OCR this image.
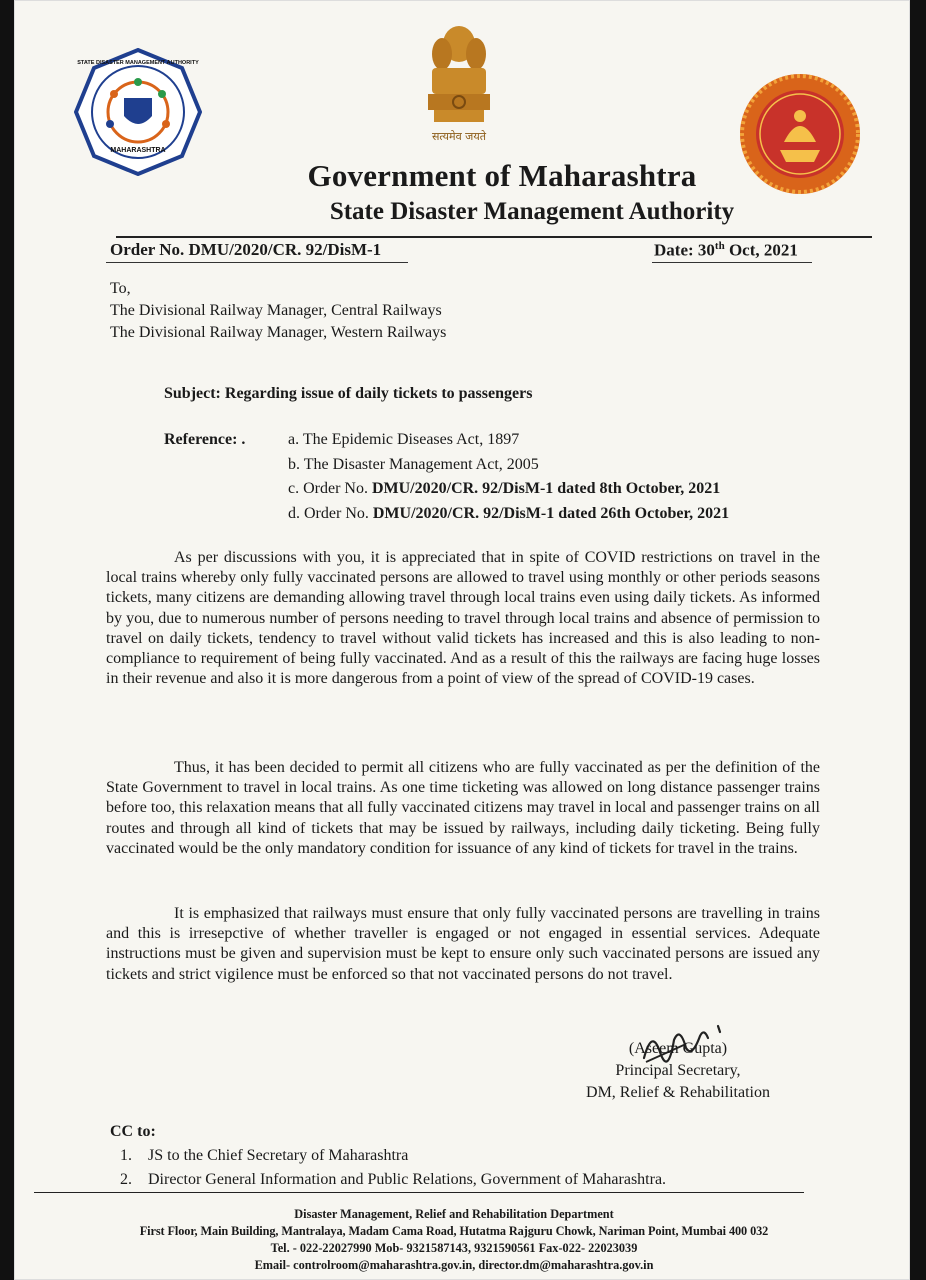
MAHARASHTRA
STATE DISASTER MANAGEMENT AUTHORITY
सत्यमेव जयते
Government of Maharashtra
State Disaster Management Authority
Order No. DMU/2020/CR. 92/DisM-1	Date: 30th Oct, 2021
To,
The Divisional Railway Manager, Central Railways
The Divisional Railway Manager, Western Railways
Subject: Regarding issue of daily tickets to passengers
Reference: .	a. The Epidemic Diseases Act, 1897
b. The Disaster Management Act, 2005
c. Order No. DMU/2020/CR. 92/DisM-1 dated 8th October, 2021
d. Order No. DMU/2020/CR. 92/DisM-1 dated 26th October, 2021

As per discussions with you, it is appreciated that in spite of COVID restrictions on travel in the local trains whereby only fully vaccinated persons are allowed to travel using monthly or other periods seasons tickets, many citizens are demanding allowing travel through local trains even using daily tickets. As informed by you, due to numerous number of persons needing to travel through local trains and absence of permission to travel on daily tickets, tendency to travel without valid tickets has increased and this is also leading to non-compliance to requirement of being fully vaccinated. And as a result of this the railways are facing huge losses in their revenue and also it is more dangerous from a point of view of the spread of COVID-19 cases.

Thus, it has been decided to permit all citizens who are fully vaccinated as per the definition of the State Government to travel in local trains. As one time ticketing was allowed on long distance passenger trains before too, this relaxation means that all fully vaccinated citizens may travel in local and passenger trains on all routes and through all kind of tickets that may be issued by railways, including daily ticketing. Being fully vaccinated would be the only mandatory condition for issuance of any kind of tickets for travel in the trains.

It is emphasized that railways must ensure that only fully vaccinated persons are travelling in trains and this is irresepctive of whether traveller is engaged or not engaged in essential services. Adequate instructions must be given and supervision must be kept to ensure only such vaccinated persons are issued any tickets and strict vigilence must be enforced so that not vaccinated persons do not travel.

(Aseem Gupta)
Principal Secretary,
DM, Relief & Rehabilitation
CC to:
1. JS to the Chief Secretary of Maharashtra
2. Director General Information and Public Relations, Government of Maharashtra.
Disaster Management, Relief and Rehabilitation Department
First Floor, Main Building, Mantralaya, Madam Cama Road, Hutatma Rajguru Chowk, Nariman Point, Mumbai 400 032
Tel. - 022-22027990 Mob- 9321587143, 9321590561 Fax-022- 22023039
Email- controlroom@maharashtra.gov.in, director.dm@maharashtra.gov.in
